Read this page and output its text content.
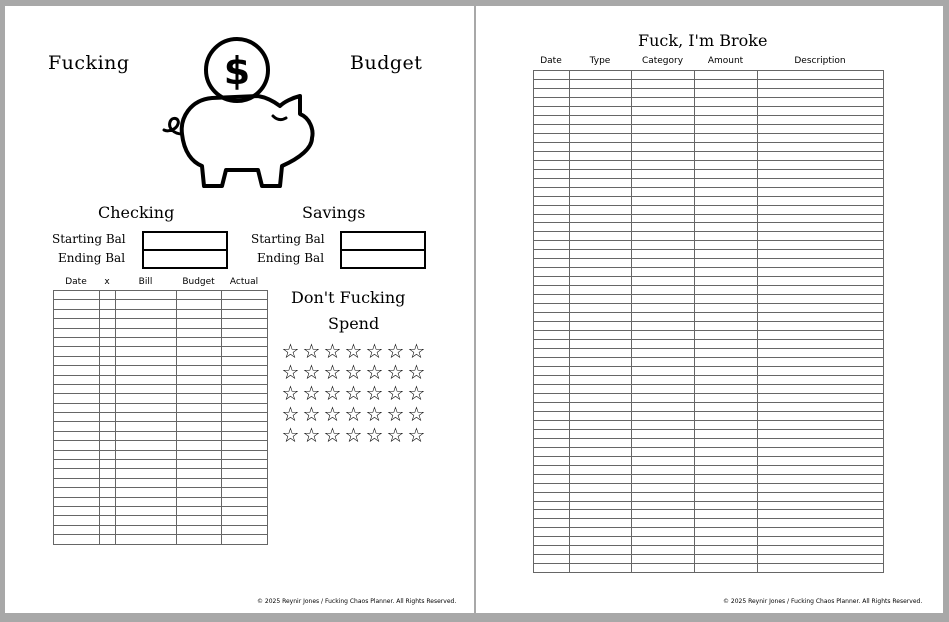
Fucking	Budget
$
Checking	Savings
Starting Bal
Ending Bal
Starting Bal
Ending Bal
Date	x	Bill	Budget	Actual

Don't Fucking
Spend
☆ ☆ ☆ ☆ ☆ ☆ ☆
☆ ☆ ☆ ☆ ☆ ☆ ☆
☆ ☆ ☆ ☆ ☆ ☆ ☆
☆ ☆ ☆ ☆ ☆ ☆ ☆
☆ ☆ ☆ ☆ ☆ ☆ ☆
© 2025 Reynir Jones / Fucking Chaos Planner. All Rights Reserved.
Fuck, I'm Broke
Date	Type	Category	Amount	Description

© 2025 Reynir Jones / Fucking Chaos Planner. All Rights Reserved.
